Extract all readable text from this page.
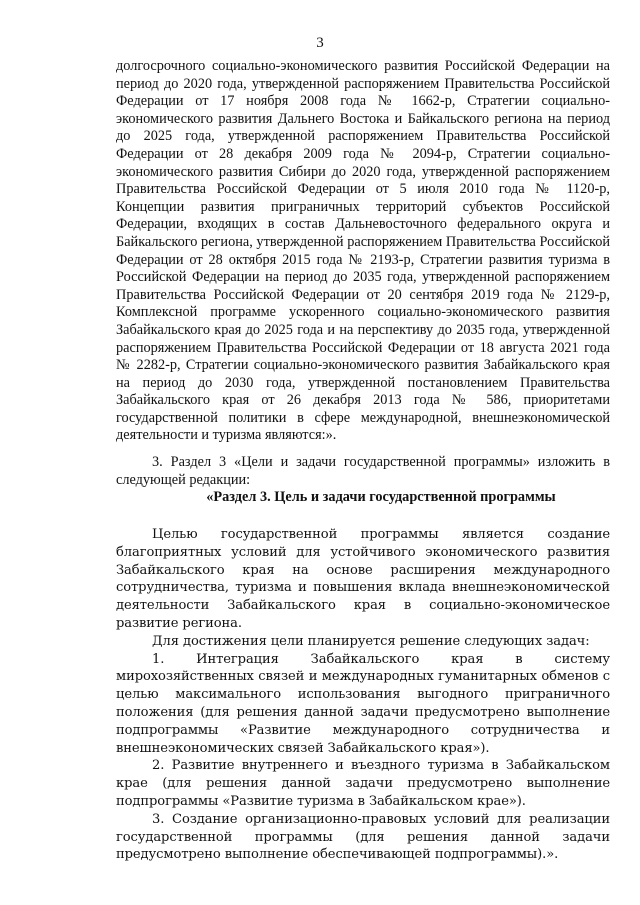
3

долгосрочного социально-экономического развития Российской Федерации на период до 2020 года, утвержденной распоряжением Правительства Российской Федерации от 17 ноября 2008 года № 1662-р, Стратегии социально-экономического развития Дальнего Востока и Байкальского региона на период до 2025 года, утвержденной распоряжением Правительства Российской Федерации от 28 декабря 2009 года № 2094-р, Стратегии социально-экономического развития Сибири до 2020 года, утвержденной распоряжением Правительства Российской Федерации от 5 июля 2010 года № 1120-р, Концепции развития приграничных территорий субъектов Российской Федерации, входящих в состав Дальневосточного федерального округа и Байкальского региона, утвержденной распоряжением Правительства Российской Федерации от 28 октября 2015 года № 2193-р, Стратегии развития туризма в Российской Федерации на период до 2035 года, утвержденной распоряжением Правительства Российской Федерации от 20 сентября 2019 года № 2129-р, Комплексной программе ускоренного социально-экономического развития Забайкальского края до 2025 года и на перспективу до 2035 года, утвержденной распоряжением Правительства Российской Федерации от 18 августа 2021 года № 2282-р, Стратегии социально-экономического развития Забайкальского края на период до 2030 года, утвержденной постановлением Правительства Забайкальского края от 26 декабря 2013 года № 586, приоритетами государственной политики в сфере международной, внешнеэкономической деятельности и туризма являются:».

3. Раздел 3 «Цели и задачи государственной программы» изложить в следующей редакции:

«Раздел 3. Цель и задачи государственной программы

Целью государственной программы является создание благоприятных условий для устойчивого экономического развития Забайкальского края на основе расширения международного сотрудничества, туризма и повышения вклада внешнеэкономической деятельности Забайкальского края в социально-экономическое развитие региона.

Для достижения цели планируется решение следующих задач:

1. Интеграция Забайкальского края в систему мирохозяйственных связей и международных гуманитарных обменов с целью максимального использования выгодного приграничного положения (для решения данной задачи предусмотрено выполнение подпрограммы «Развитие международного сотрудничества и внешнеэкономических связей Забайкальского края»).

2. Развитие внутреннего и въездного туризма в Забайкальском крае (для решения данной задачи предусмотрено выполнение подпрограммы «Развитие туризма в Забайкальском крае»).

3. Создание организационно-правовых условий для реализации государственной программы (для решения данной задачи предусмотрено выполнение обеспечивающей подпрограммы).».
